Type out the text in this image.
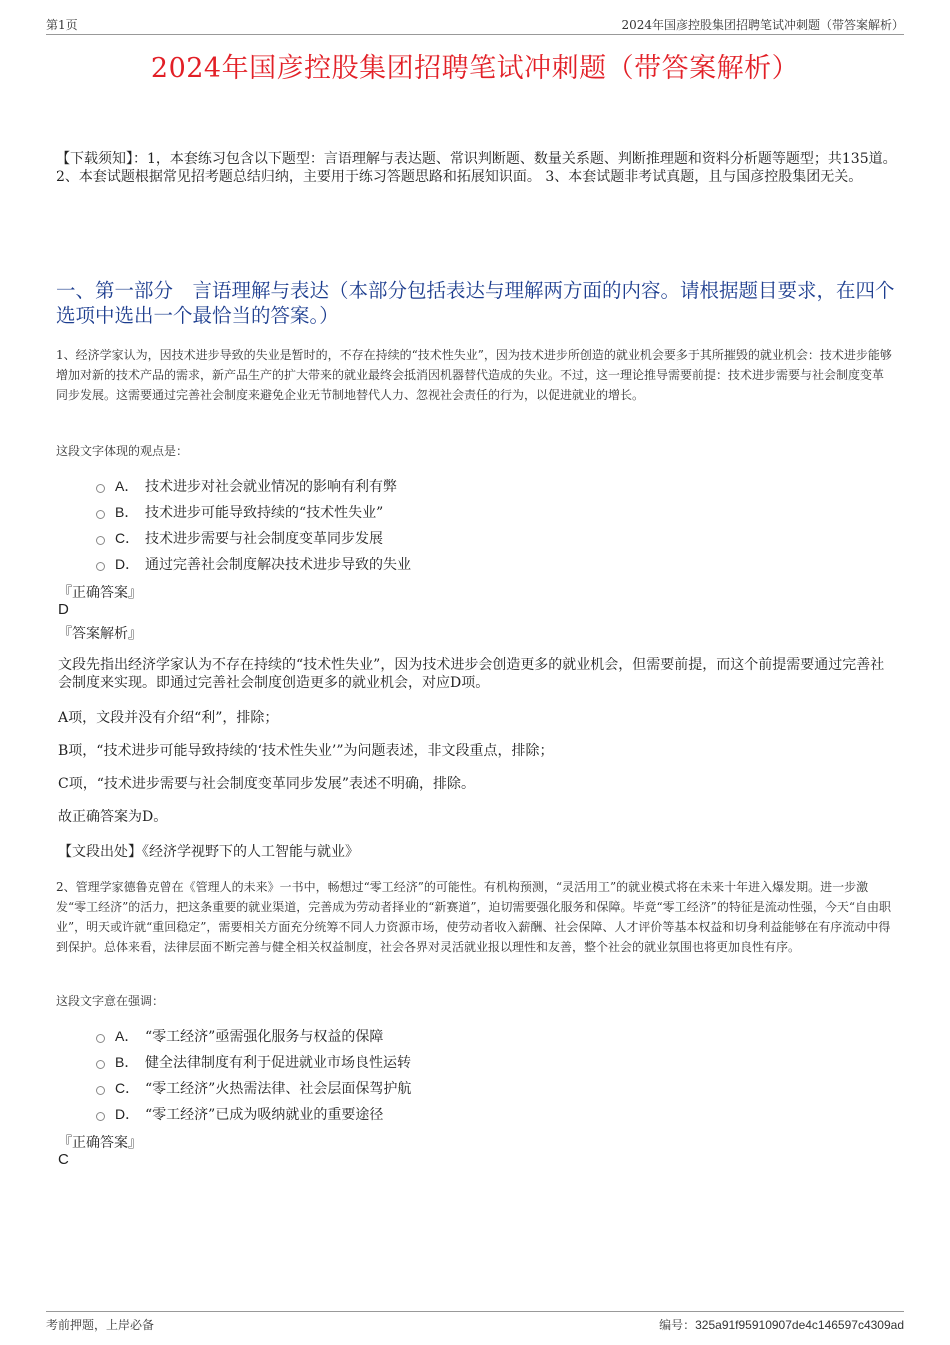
第1页	2024年国彦控股集团招聘笔试冲刺题（带答案解析）
2024年国彦控股集团招聘笔试冲刺题（带答案解析）
【下载须知】：1，本套练习包含以下题型：言语理解与表达题、常识判断题、数量关系题、判断推理题和资料分析题等题型；共135道。 2、本套试题根据常见招考题总结归纳，主要用于练习答题思路和拓展知识面。 3、本套试题非考试真题，且与国彦控股集团无关。
一、第一部分　言语理解与表达（本部分包括表达与理解两方面的内容。请根据题目要求，在四个选项中选出一个最恰当的答案。）
1、经济学家认为，因技术进步导致的失业是暂时的，不存在持续的“技术性失业”，因为技术进步所创造的就业机会要多于其所摧毁的就业机会：技术进步能够增加对新的技术产品的需求，新产品生产的扩大带来的就业最终会抵消因机器替代造成的失业。不过，这一理论推导需要前提：技术进步需要与社会制度变革同步发展。这需要通过完善社会制度来避免企业无节制地替代人力、忽视社会责任的行为，以促进就业的增长。
这段文字体现的观点是：
A． 技术进步对社会就业情况的影响有利有弊
B． 技术进步可能导致持续的“技术性失业”
C． 技术进步需要与社会制度变革同步发展
D． 通过完善社会制度解决技术进步导致的失业
『正确答案』
D
『答案解析』
文段先指出经济学家认为不存在持续的“技术性失业”，因为技术进步会创造更多的就业机会，但需要前提，而这个前提需要通过完善社会制度来实现。即通过完善社会制度创造更多的就业机会，对应D项。
A项，文段并没有介绍“利”，排除；
B项，“技术进步可能导致持续的‘技术性失业’”为问题表述，非文段重点，排除；
C项，“技术进步需要与社会制度变革同步发展”表述不明确，排除。
故正确答案为D。
【文段出处】《经济学视野下的人工智能与就业》
2、管理学家德鲁克曾在《管理人的未来》一书中，畅想过“零工经济”的可能性。有机构预测，“灵活用工”的就业模式将在未来十年进入爆发期。进一步激发“零工经济”的活力，把这条重要的就业渠道，完善成为劳动者择业的“新赛道”，迫切需要强化服务和保障。毕竟“零工经济”的特征是流动性强，今天“自由职业”，明天或许就“重回稳定”，需要相关方面充分统筹不同人力资源市场，使劳动者收入薪酬、社会保障、人才评价等基本权益和切身利益能够在有序流动中得到保护。总体来看，法律层面不断完善与健全相关权益制度，社会各界对灵活就业报以理性和友善，整个社会的就业氛围也将更加良性有序。
这段文字意在强调：
A． “零工经济”亟需强化服务与权益的保障
B． 健全法律制度有利于促进就业市场良性运转
C． “零工经济”火热需法律、社会层面保驾护航
D． “零工经济”已成为吸纳就业的重要途径
『正确答案』
C
考前押题，上岸必备	编号：325a91f95910907de4c146597c4309ad
